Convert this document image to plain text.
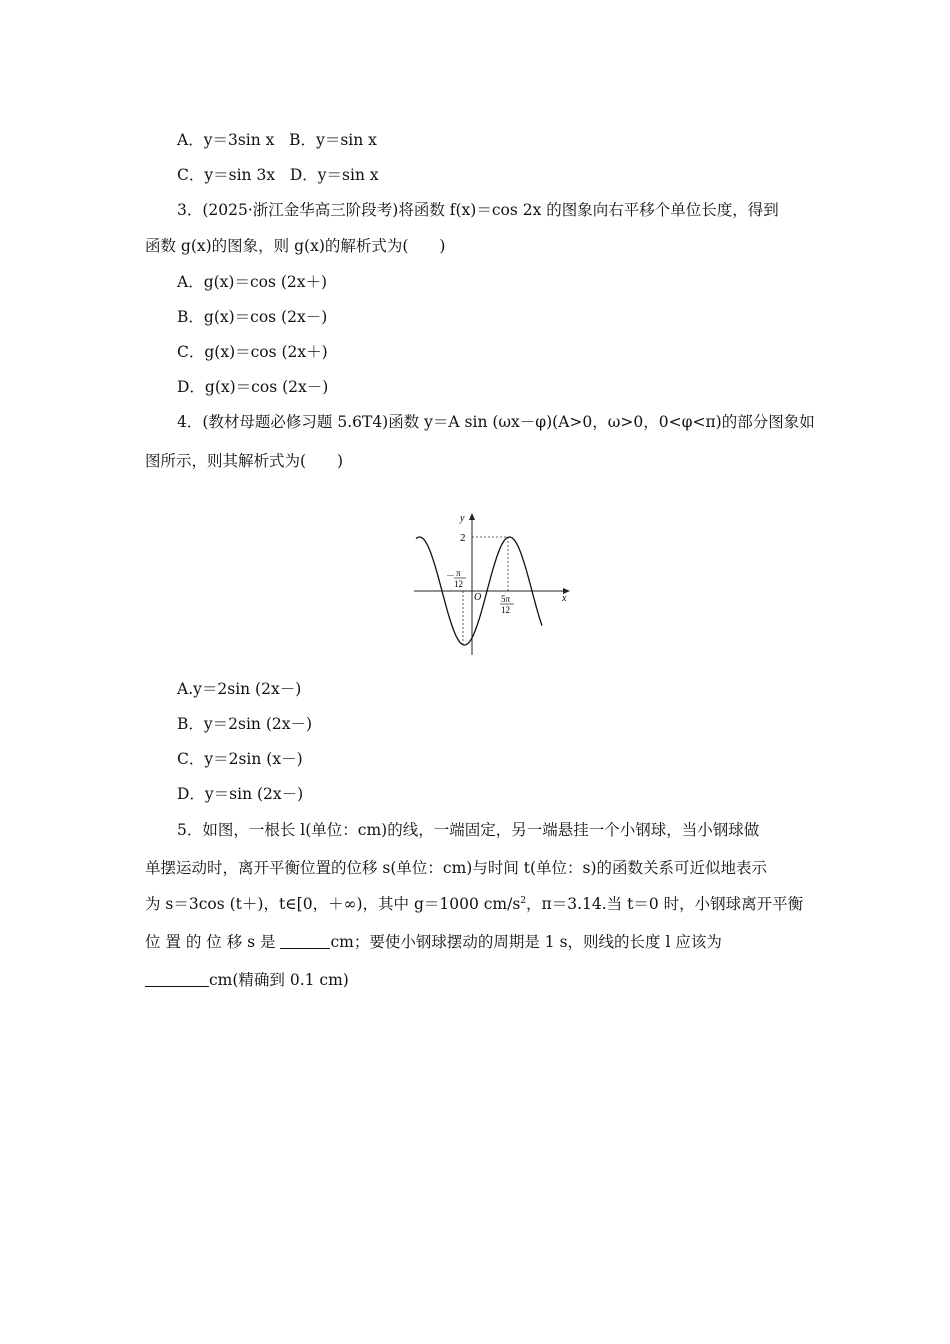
A．y＝3sin x B．y＝sin x
C．y＝sin 3x D．y＝sin x
3．(2025·浙江金华高三阶段考)将函数 f(x)＝cos 2x 的图象向右平移个单位长度，得到
函数 g(x)的图象，则 g(x)的解析式为(　　)
A．g(x)＝cos (2x＋)
B．g(x)＝cos (2x－)
C．g(x)＝cos (2x＋)
D．g(x)＝cos (2x－)
4．(教材母题必修习题 5.6T4)函数 y＝A sin (ωx－φ)(A>0，ω>0，0<φ<π)的部分图象如
图所示，则其解析式为(　　)
y
x
2
O
－ π
12
5π
12
A.y＝2sin (2x－)
B．y＝2sin (2x－)
C．y＝2sin (x－)
D．y＝sin (2x－)
5．如图，一根长 l(单位：cm)的线，一端固定，另一端悬挂一个小钢球，当小钢球做
单摆运动时，离开平衡位置的位移 s(单位：cm)与时间 t(单位：s)的函数关系可近似地表示
为 s＝3cos (t＋)，t∈[0，＋∞)，其中 g＝1000 $cm/s^2$，π＝3.14.当 t＝0 时，小钢球离开平衡
位 置 的 位 移 s 是	cm；要使小钢球摆动的周期是 1 s，则线的长度 l 应该为
cm(精确到 0.1 cm)
